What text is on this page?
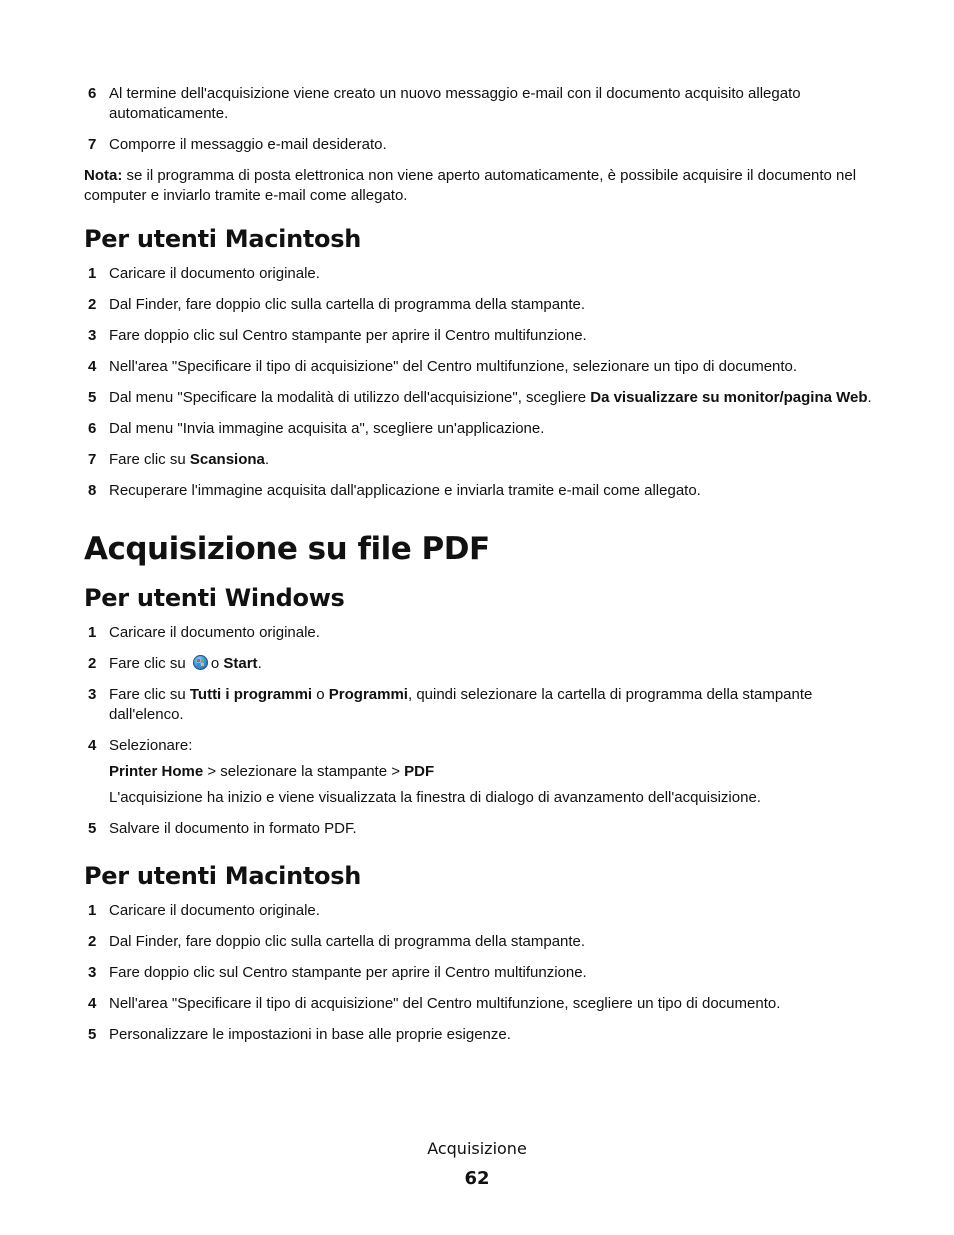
6 Al termine dell'acquisizione viene creato un nuovo messaggio e-mail con il documento acquisito allegato automaticamente.

7 Comporre il messaggio e-mail desiderato.

Nota: se il programma di posta elettronica non viene aperto automaticamente, è possibile acquisire il documento nel computer e inviarlo tramite e-mail come allegato.

Per utenti Macintosh
1 Caricare il documento originale.

2 Dal Finder, fare doppio clic sulla cartella di programma della stampante.

3 Fare doppio clic sul Centro stampante per aprire il Centro multifunzione.

4 Nell'area "Specificare il tipo di acquisizione" del Centro multifunzione, selezionare un tipo di documento.

5 Dal menu "Specificare la modalità di utilizzo dell'acquisizione", scegliere Da visualizzare su monitor/pagina Web.

6 Dal menu "Invia immagine acquisita a", scegliere un'applicazione.

7 Fare clic su Scansiona.

8 Recuperare l'immagine acquisita dall'applicazione e inviarla tramite e-mail come allegato.

Acquisizione su file PDF
Per utenti Windows
1 Caricare il documento originale.

2 Fare clic su o Start.

3 Fare clic su Tutti i programmi o Programmi, quindi selezionare la cartella di programma della stampante dall'elenco.

4 Selezionare:

Printer Home > selezionare la stampante > PDF

L'acquisizione ha inizio e viene visualizzata la finestra di dialogo di avanzamento dell'acquisizione.

5 Salvare il documento in formato PDF.

Per utenti Macintosh
1 Caricare il documento originale.

2 Dal Finder, fare doppio clic sulla cartella di programma della stampante.

3 Fare doppio clic sul Centro stampante per aprire il Centro multifunzione.

4 Nell'area "Specificare il tipo di acquisizione" del Centro multifunzione, scegliere un tipo di documento.

5 Personalizzare le impostazioni in base alle proprie esigenze.

Acquisizione
62
